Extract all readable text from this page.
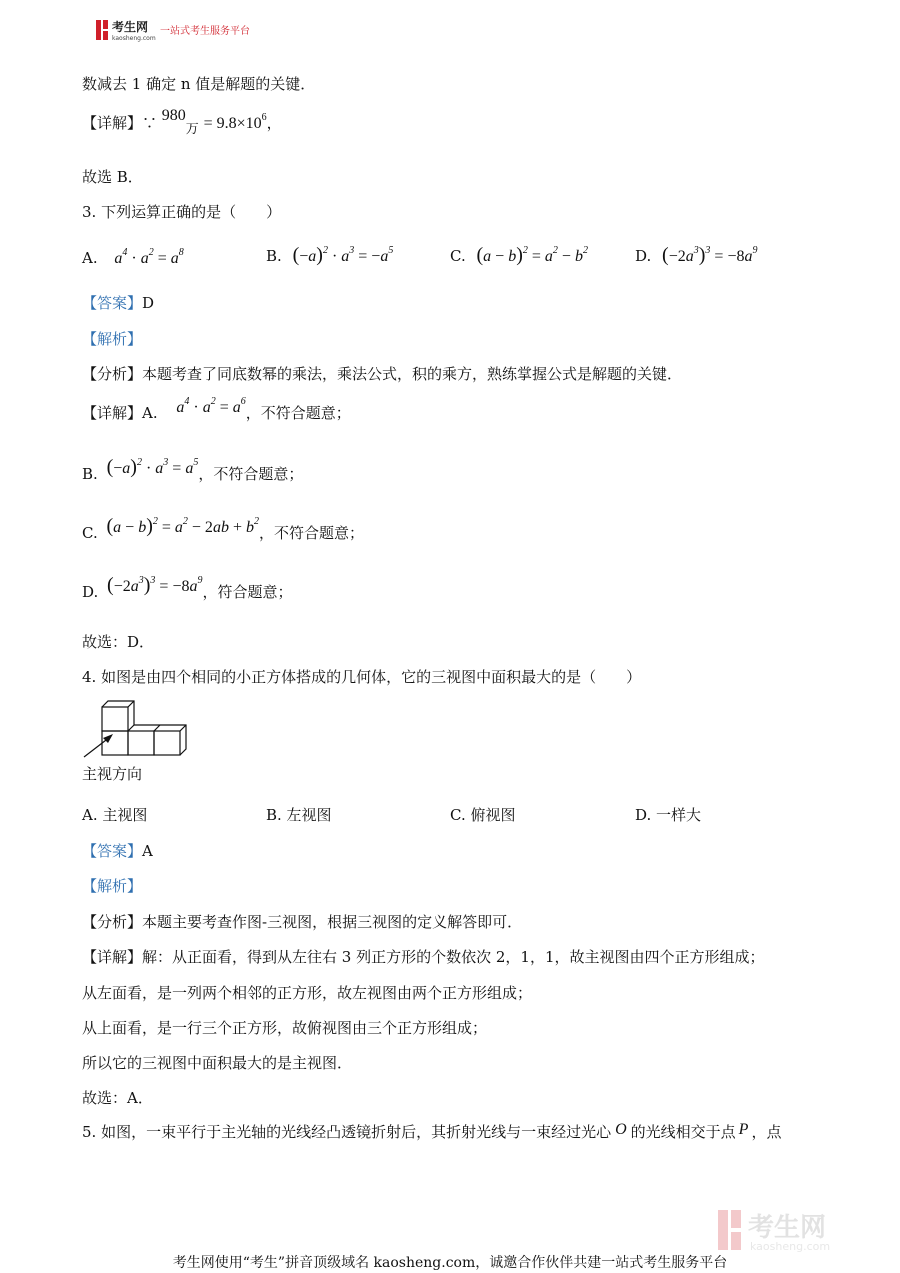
考生网
kaosheng.com
一站式考生服务平台
数减去 1 确定 n 值是解题的关键．
【详解】∵ 980万 = $9.8\times 10^6$，
故选 B．
3. 下列运算正确的是（　　）
A. $a^4 \cdot a^2 = a^8$	B. $(-a)^2 \cdot a^3 = -a^5$	C. $(a - b)^2 = a^2 - b^2$	D. $(-2a^3)^3 = -8a^9$
【答案】D
【解析】
【分析】本题考查了同底数幂的乘法，乘法公式，积的乘方，熟练掌握公式是解题的关键．
【详解】A. $a^4 \cdot a^2 = a^6$，不符合题意；
B. $(-a)^2 \cdot a^3 = a^5$，不符合题意；
C. $(a - b)^2 = a^2 - 2ab + b^2$，不符合题意；
D. $(-2a^3)^3 = -8a^9$，符合题意；
故选：D．
4. 如图是由四个相同的小正方体搭成的几何体，它的三视图中面积最大的是（　　）
主视方向
A. 主视图	B. 左视图	C. 俯视图	D. 一样大
【答案】A
【解析】
【分析】本题主要考查作图-三视图，根据三视图的定义解答即可．
【详解】解：从正面看，得到从左往右 3 列正方形的个数依次 2，1，1，故主视图由四个正方形组成；
从左面看，是一列两个相邻的正方形，故左视图由两个正方形组成；
从上面看，是一行三个正方形，故俯视图由三个正方形组成；
所以它的三视图中面积最大的是主视图．
故选：A．
5. 如图，一束平行于主光轴的光线经凸透镜折射后，其折射光线与一束经过光心 O 的光线相交于点 P ，点
考生网
kaosheng.com
考生网使用“考生”拼音顶级域名 kaosheng.com，诚邀合作伙伴共建一站式考生服务平台
